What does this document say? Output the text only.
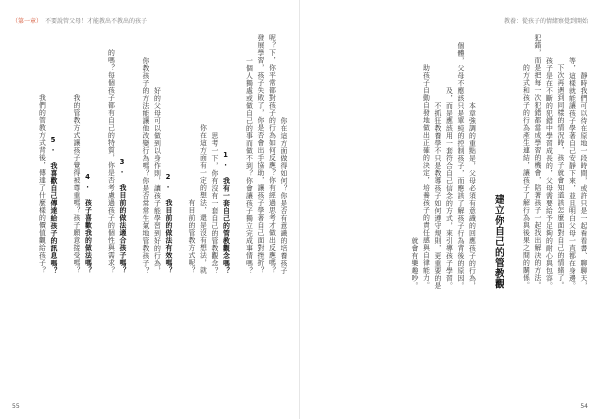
（第一章） 不要說管父母！才能教出不教出的孩子
你在這方面做得如何？你是否有意識的培養孩子
呢？下，你平常都對孩子的行為如何反應？你有經過思考才做出反應嗎？
發展學習，孩子失敗了，你是否會出手協助，讓孩子學著自己面對挫折？
一個人獨處或做自己的事而做不到？你會讓孩子獨立完成事情嗎？
1. 我有一套自己的管教觀念嗎？
思考一下，你有沒有一套自己的管教觀念？
你在這方面有一定的想法，還是沒有想法，就
有目前的管教方式呢？
2. 我目前的做法有效嗎？
好的父母可以做到以身作則，讓孩子能學習到好的行為，
你教孩子的方法能讓他改變行為嗎？你是否常常生氣地管教孩子？
3. 我目前的做法適合孩子嗎？
的嗎？每個孩子都有自己的特質，你是否考慮過孩子的個性與需求？
4. 孩子喜歡我的做法嗎？
我的管教方式讓孩子覺得被尊重嗎？孩子願意接受嗎？
5. 我喜歡自己傳達給孩子的訊息嗎？
我們的管教方式背後，傳達了什麼樣的價值觀給孩子？
55
教養：從孩子的情緒察覺到開始
靜時我們可以待在原地一段時間，或許只是一起看看書、聊聊天，
等，這樣就能讓孩子學著自己安靜下來，並且明白父母一直都在身邊。
下次再遇到同樣的情況時，孩子就會知道該怎麼面對自己的情緒了。
孩子是在不斷的犯錯中學習成長的，父母需要給予足夠的耐心與包容。
犯錯，而是把每一次犯錯都當成學習的機會，陪著孩子一起找出解決的方法。
的方式和孩子的行為產生連結，讓孩子了解行為與後果之間的關係。
建立你自己的管教觀
本章強調的重點是，父母必須有意識的回應孩子的行為，
個體，父母不應該只是單純的控制孩子，而應該了解孩子行為背後的原因。
及，而是應該用一套符合自己信念的方式，來引導孩子學習。
不抓狂教養學不只是教導孩子如何遵守規則，更重要的是
助孩子自動自發地做出正確的決定，培養孩子的責任感與自律能力。
就會有樂趣吵。
54
